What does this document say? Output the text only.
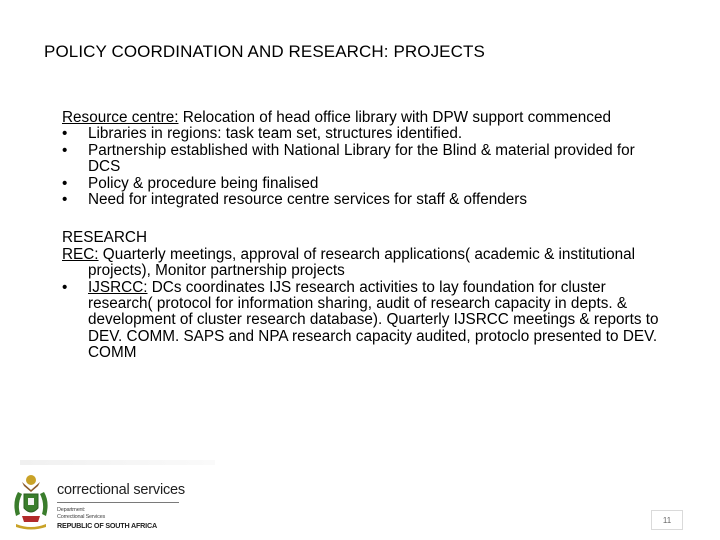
POLICY COORDINATION AND RESEARCH: PROJECTS

Resource centre: Relocation of head office library with DPW support commenced

• Libraries in regions: task team set, structures identified.
• Partnership established with National Library for the Blind & material provided for DCS
• Policy & procedure being finalised
• Need for integrated resource centre services for staff & offenders

RESEARCH

REC: Quarterly meetings, approval of research applications( academic & institutional projects), Monitor partnership projects

• IJSRCC: DCs coordinates IJS research activities to lay foundation for cluster research( protocol for information sharing, audit of research capacity in depts. & development of cluster research database). Quarterly IJSRCC meetings & reports to DEV. COMM. SAPS and NPA research capacity audited, protoclo presented to DEV. COMM
correctional services
Department:
Correctional Services
REPUBLIC OF SOUTH AFRICA
11
